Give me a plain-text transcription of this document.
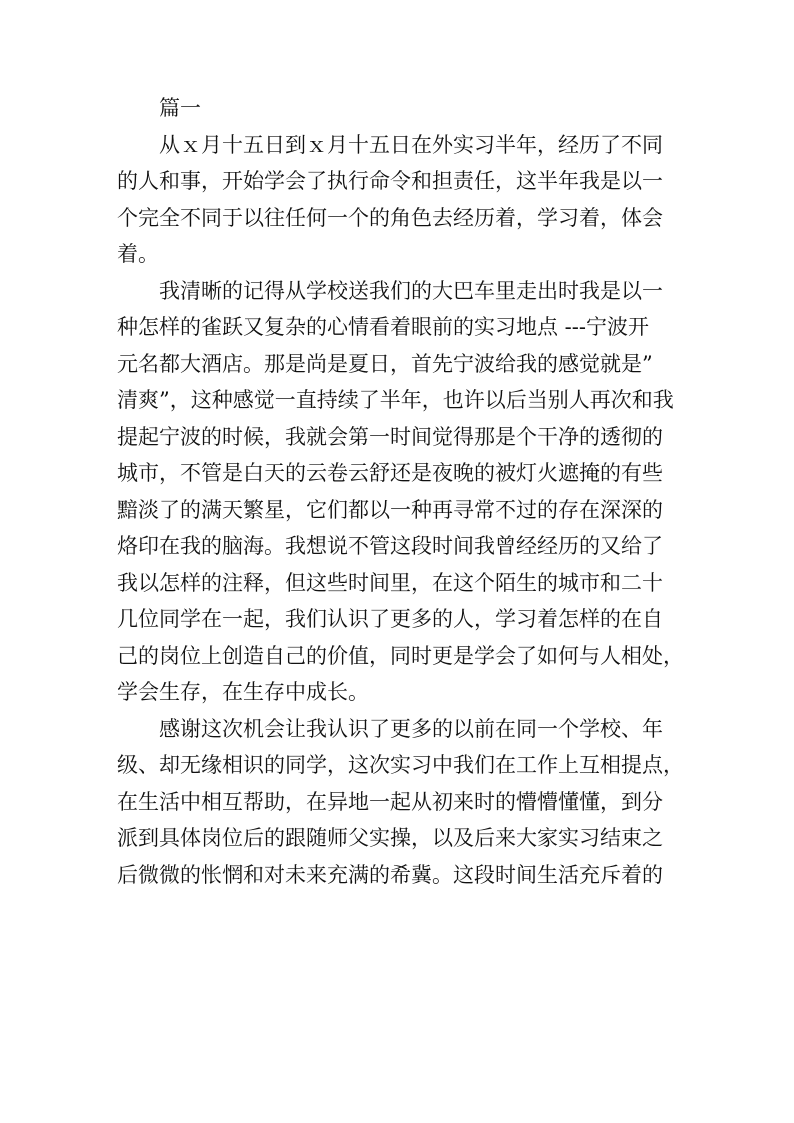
篇一
从ｘ月十五日到ｘ月十五日在外实习半年，经历了不同
的人和事，开始学会了执行命令和担责任，这半年我是以一
个完全不同于以往任何一个的角色去经历着，学习着，体会
着。
我清晰的记得从学校送我们的大巴车里走出时我是以一
种怎样的雀跃又复杂的心情看着眼前的实习地点 ---宁波开
元名都大酒店。那是尚是夏日，首先宁波给我的感觉就是”
清爽”，这种感觉一直持续了半年，也许以后当别人再次和我
提起宁波的时候，我就会第一时间觉得那是个干净的透彻的
城市，不管是白天的云卷云舒还是夜晚的被灯火遮掩的有些
黯淡了的满天繁星，它们都以一种再寻常不过的存在深深的
烙印在我的脑海。我想说不管这段时间我曾经经历的又给了
我以怎样的注释，但这些时间里，在这个陌生的城市和二十
几位同学在一起，我们认识了更多的人，学习着怎样的在自
己的岗位上创造自己的价值，同时更是学会了如何与人相处，
学会生存，在生存中成长。
感谢这次机会让我认识了更多的以前在同一个学校、年
级、却无缘相识的同学，这次实习中我们在工作上互相提点，
在生活中相互帮助，在异地一起从初来时的懵懵懂懂，到分
派到具体岗位后的跟随师父实操，以及后来大家实习结束之
后微微的怅惘和对未来充满的希冀。这段时间生活充斥着的
